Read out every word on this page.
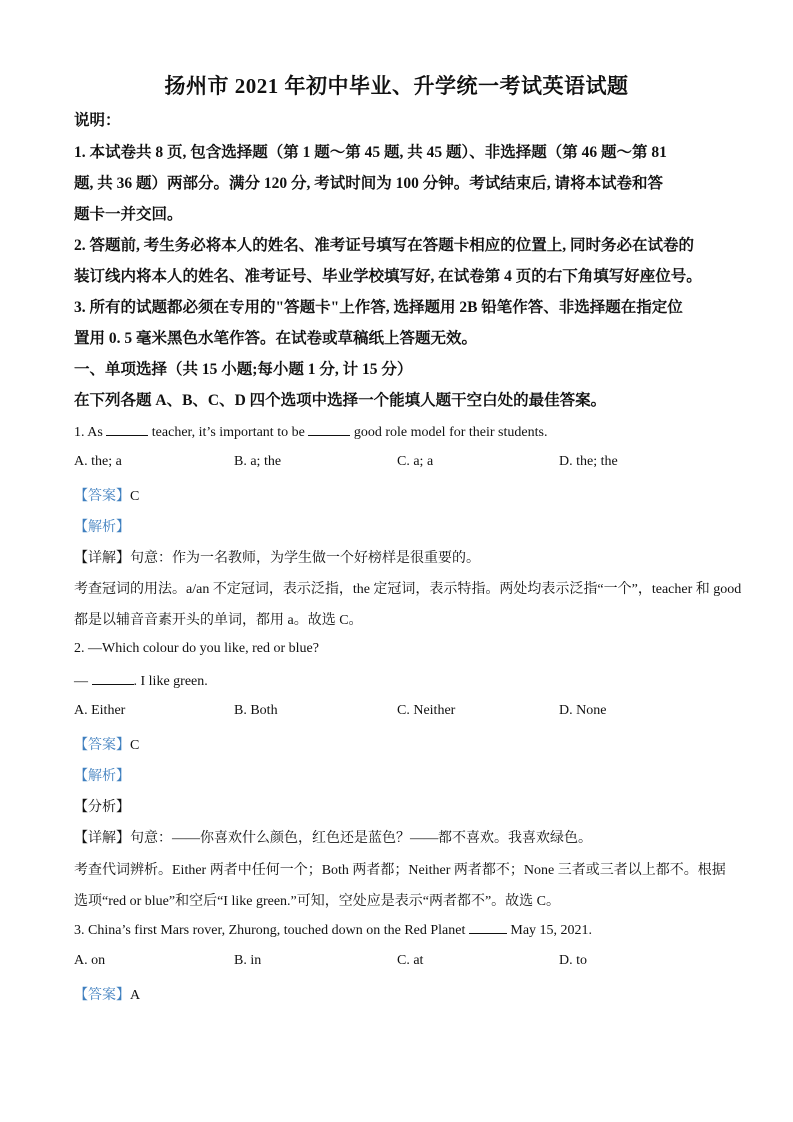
扬州市 2021 年初中毕业、升学统一考试英语试题
说明：
1. 本试卷共 8 页, 包含选择题（第 1 题～第 45 题, 共 45 题）、非选择题（第 46 题～第 81
题, 共 36 题）两部分。满分 120 分, 考试时间为 100 分钟。考试结束后, 请将本试卷和答
题卡一并交回。
2. 答题前, 考生务必将本人的姓名、准考证号填写在答题卡相应的位置上, 同时务必在试卷的
装订线内将本人的姓名、准考证号、毕业学校填写好, 在试卷第 4 页的右下角填写好座位号。
3. 所有的试题都必须在专用的"答题卡"上作答, 选择题用 2B 铅笔作答、非选择题在指定位
置用 0. 5 毫米黑色水笔作答。在试卷或草稿纸上答题无效。
一、单项选择（共 15 小题;每小题 1 分, 计 15 分）
在下列各题 A、B、C、D 四个选项中选择一个能填人题干空白处的最佳答案。
1. As	teacher, it’s important to be	good role model for their students.
A. the; a	B. a; the	C. a; a	D. the; the
【答案】C
【解析】
【详解】句意：作为一名教师，为学生做一个好榜样是很重要的。
考查冠词的用法。a/an 不定冠词，表示泛指，the 定冠词，表示特指。两处均表示泛指“一个”，teacher 和 good
都是以辅音音素开头的单词，都用 a。故选 C。
2. —Which colour do you like, red or blue?
—	. I like green.
A. Either	B. Both	C. Neither	D. None
【答案】C
【解析】
【分析】
【详解】句意：——你喜欢什么颜色，红色还是蓝色？——都不喜欢。我喜欢绿色。
考查代词辨析。Either 两者中任何一个；Both 两者都；Neither 两者都不；None 三者或三者以上都不。根据
选项“red or blue”和空后“I like green.”可知，空处应是表示“两者都不”。故选 C。
3. China’s first Mars rover, Zhurong, touched down on the Red Planet	May 15, 2021.
A. on	B. in	C. at	D. to
【答案】A
